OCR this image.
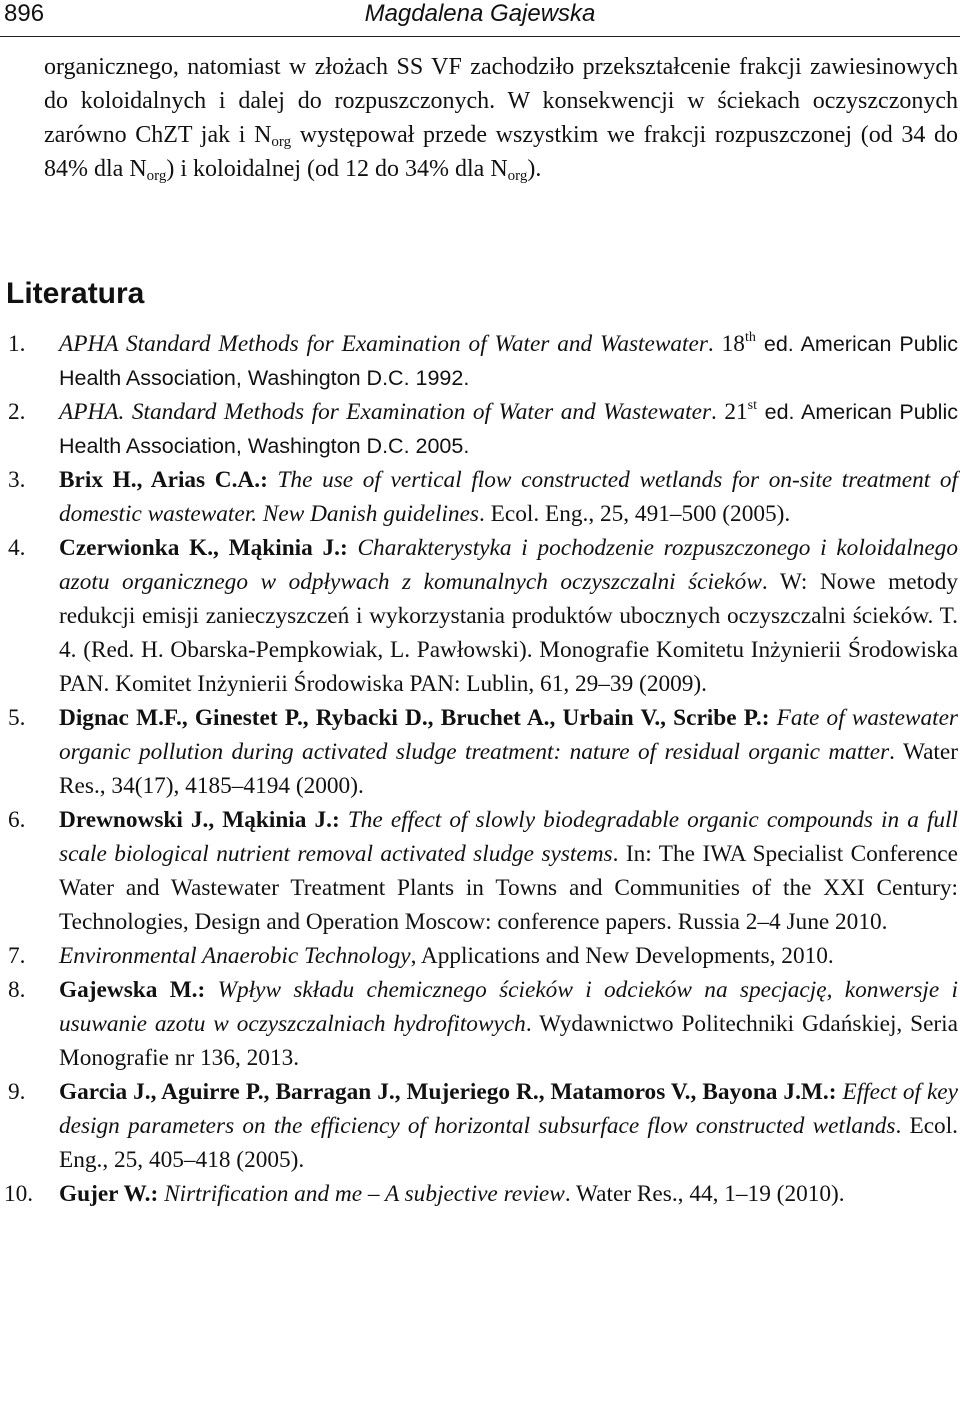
896	Magdalena Gajewska

organicznego, natomiast w złożach SS VF zachodziło przekształcenie frakcji zawiesinowych do koloidalnych i dalej do rozpuszczonych. W konsekwencji w ściekach oczyszczonych zarówno ChZT jak i $N_{org}$ występował przede wszystkim we frakcji rozpuszczonej (od 34 do 84% dla $N_{org}$) i koloidalnej (od 12 do 34% dla $N_{org}$).

Literatura
1. APHA Standard Methods for Examination of Water and Wastewater. 18th ed. American Public Health Association, Washington D.C. 1992.
2. APHA. Standard Methods for Examination of Water and Wastewater. 21st ed. American Public Health Association, Washington D.C. 2005.
3. Brix H., Arias C.A.: The use of vertical flow constructed wetlands for on-site treatment of domestic wastewater. New Danish guidelines. Ecol. Eng., 25, 491–500 (2005).
4. Czerwionka K., Mąkinia J.: Charakterystyka i pochodzenie rozpuszczonego i koloidalnego azotu organicznego w odpływach z komunalnych oczyszczalni ścieków. W: Nowe metody redukcji emisji zanieczyszczeń i wykorzystania produktów ubocznych oczyszczalni ścieków. T. 4. (Red. H. Obarska-Pempkowiak, L. Pawłowski). Monografie Komitetu Inżynierii Środowiska PAN. Komitet Inżynierii Środowiska PAN: Lublin, 61, 29–39 (2009).
5. Dignac M.F., Ginestet P., Rybacki D., Bruchet A., Urbain V., Scribe P.: Fate of wastewater organic pollution during activated sludge treatment: nature of residual organic matter. Water Res., 34(17), 4185–4194 (2000).
6. Drewnowski J., Mąkinia J.: The effect of slowly biodegradable organic compounds in a full scale biological nutrient removal activated sludge systems. In: The IWA Specialist Conference Water and Wastewater Treatment Plants in Towns and Communities of the XXI Century: Technologies, Design and Operation Moscow: conference papers. Russia 2–4 June 2010.
7. Environmental Anaerobic Technology, Applications and New Developments, 2010.
8. Gajewska M.: Wpływ składu chemicznego ścieków i odcieków na specjację, konwersje i usuwanie azotu w oczyszczalniach hydrofitowych. Wydawnictwo Politechniki Gdańskiej, Seria Monografie nr 136, 2013.
9. Garcia J., Aguirre P., Barragan J., Mujeriego R., Matamoros V., Bayona J.M.: Effect of key design parameters on the efficiency of horizontal subsurface flow constructed wetlands. Ecol. Eng., 25, 405–418 (2005).
10. Gujer W.: Nirtrification and me – A subjective review. Water Res., 44, 1–19 (2010).
